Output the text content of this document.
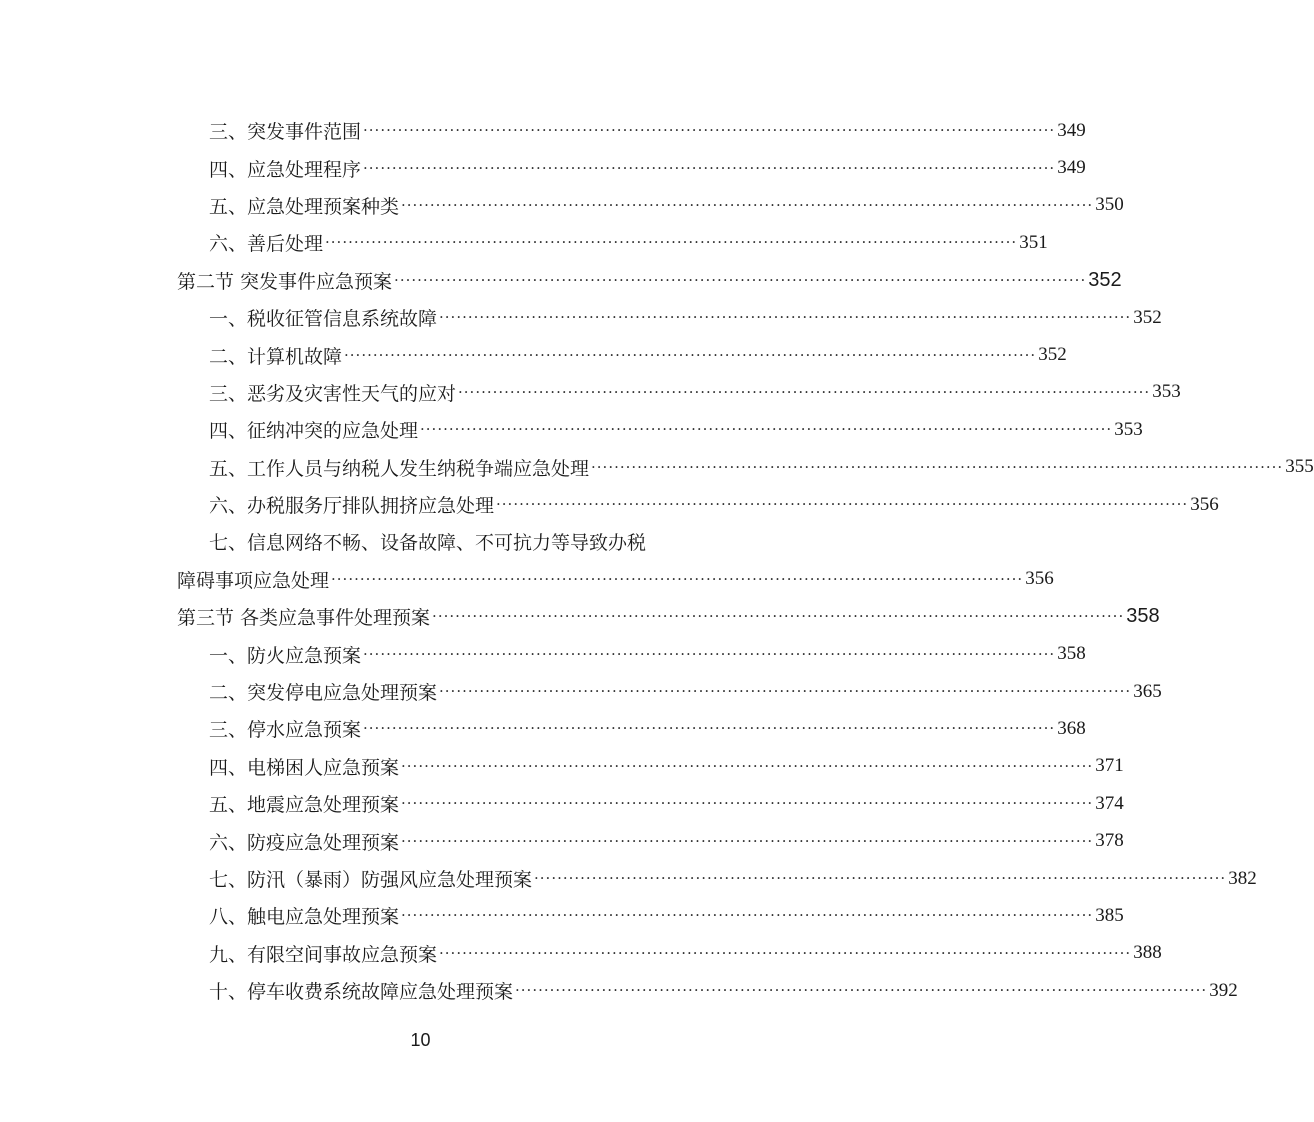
三、突发事件范围 ························································································································ 349
四、应急处理程序 ························································································································ 349
五、应急处理预案种类 ························································································································ 350
六、善后处理 ························································································································ 351
第二节 突发事件应急预案 ························································································································ 352
一、税收征管信息系统故障 ························································································································ 352
二、计算机故障 ························································································································ 352
三、恶劣及灾害性天气的应对 ························································································································ 353
四、征纳冲突的应急处理 ························································································································ 353
五、工作人员与纳税人发生纳税争端应急处理 ························································································································ 355
六、办税服务厅排队拥挤应急处理 ························································································································ 356
七、信息网络不畅、设备故障、不可抗力等导致办税
障碍事项应急处理 ························································································································ 356
第三节 各类应急事件处理预案 ························································································································ 358
一、防火应急预案 ························································································································ 358
二、突发停电应急处理预案 ························································································································ 365
三、停水应急预案 ························································································································ 368
四、电梯困人应急预案 ························································································································ 371
五、地震应急处理预案 ························································································································ 374
六、防疫应急处理预案 ························································································································ 378
七、防汛（暴雨）防强风应急处理预案 ························································································································ 382
八、触电应急处理预案 ························································································································ 385
九、有限空间事故应急预案 ························································································································ 388
十、停车收费系统故障应急处理预案 ························································································································ 392
10
